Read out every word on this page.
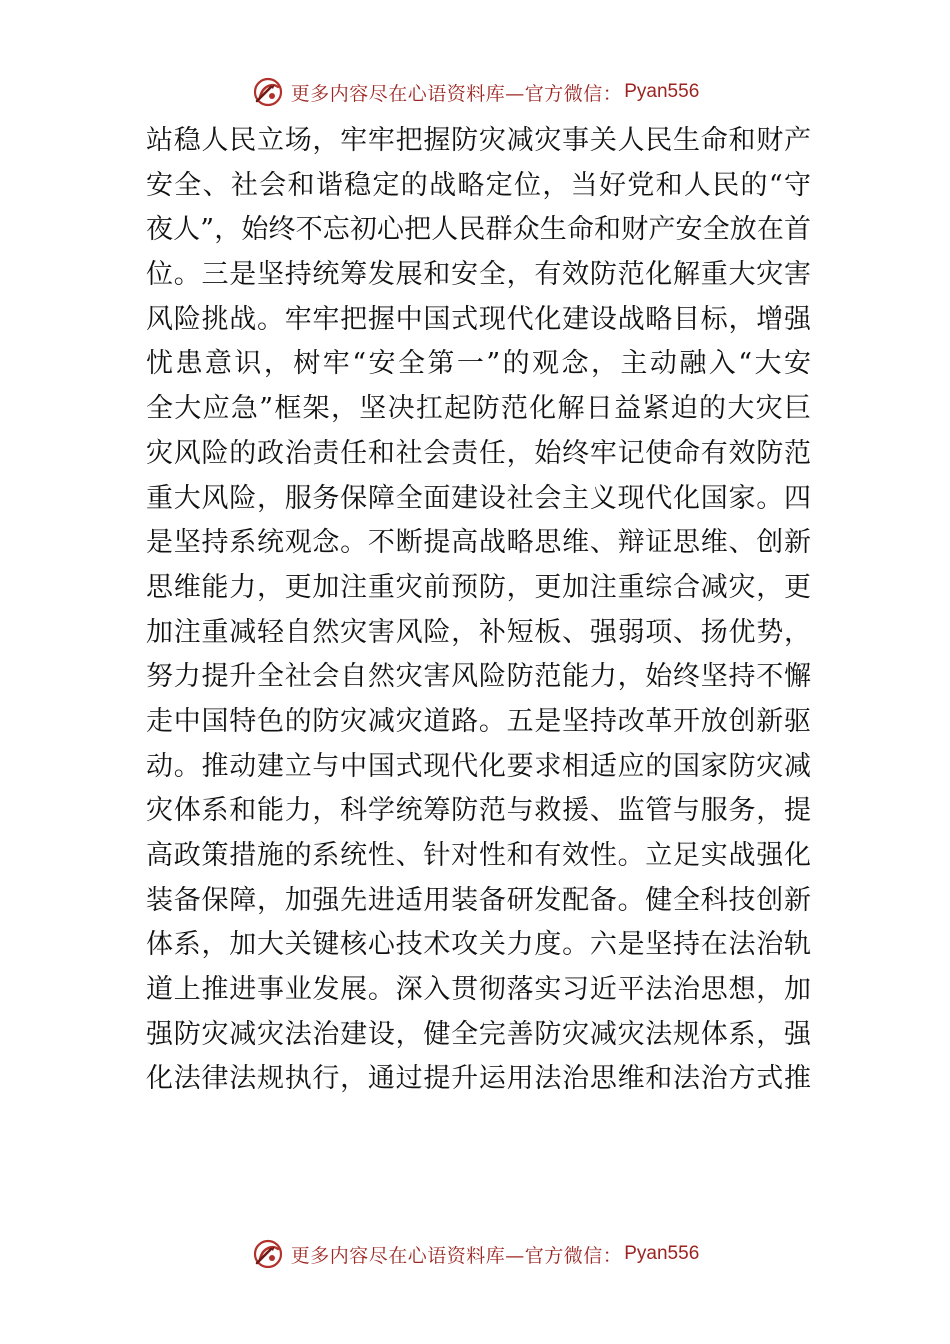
更多内容尽在心语资料库—官方微信： Pyan556
站稳人民立场，牢牢把握防灾减灾事关人民生命和财产
安全、社会和谐稳定的战略定位，当好党和人民的“守
夜人”，始终不忘初心把人民群众生命和财产安全放在首
位。三是坚持统筹发展和安全，有效防范化解重大灾害
风险挑战。牢牢把握中国式现代化建设战略目标，增强
忧患意识，树牢“安全第一”的观念，主动融入“大安
全大应急”框架，坚决扛起防范化解日益紧迫的大灾巨
灾风险的政治责任和社会责任，始终牢记使命有效防范
重大风险，服务保障全面建设社会主义现代化国家。四
是坚持系统观念。不断提高战略思维、辩证思维、创新
思维能力，更加注重灾前预防，更加注重综合减灾，更
加注重减轻自然灾害风险，补短板、强弱项、扬优势，
努力提升全社会自然灾害风险防范能力，始终坚持不懈
走中国特色的防灾减灾道路。五是坚持改革开放创新驱
动。推动建立与中国式现代化要求相适应的国家防灾减
灾体系和能力，科学统筹防范与救援、监管与服务，提
高政策措施的系统性、针对性和有效性。立足实战强化
装备保障，加强先进适用装备研发配备。健全科技创新
体系，加大关键核心技术攻关力度。六是坚持在法治轨
道上推进事业发展。深入贯彻落实习近平法治思想，加
强防灾减灾法治建设，健全完善防灾减灾法规体系，强
化法律法规执行，通过提升运用法治思维和法治方式推
更多内容尽在心语资料库—官方微信： Pyan556
